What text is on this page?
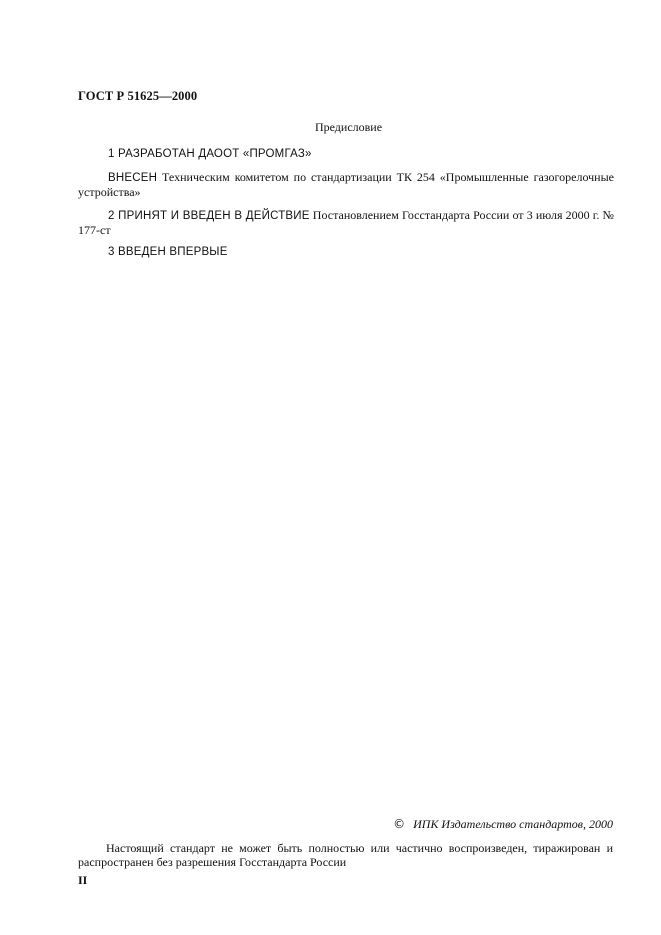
ГОСТ Р 51625—2000
Предисловие
1 РАЗРАБОТАН ДАООТ «ПРОМГАЗ»
ВНЕСЕН Техническим комитетом по стандартизации ТК 254 «Промышленные газогорелочные устройства»
2 ПРИНЯТ И ВВЕДЕН В ДЕЙСТВИЕ Постановлением Госстандарта России от 3 июля 2000 г. № 177-ст
3 ВВЕДЕН ВПЕРВЫЕ
© ИПК Издательство стандартов, 2000
Настоящий стандарт не может быть полностью или частично воспроизведен, тиражирован и распространен без разрешения Госстандарта России
II
